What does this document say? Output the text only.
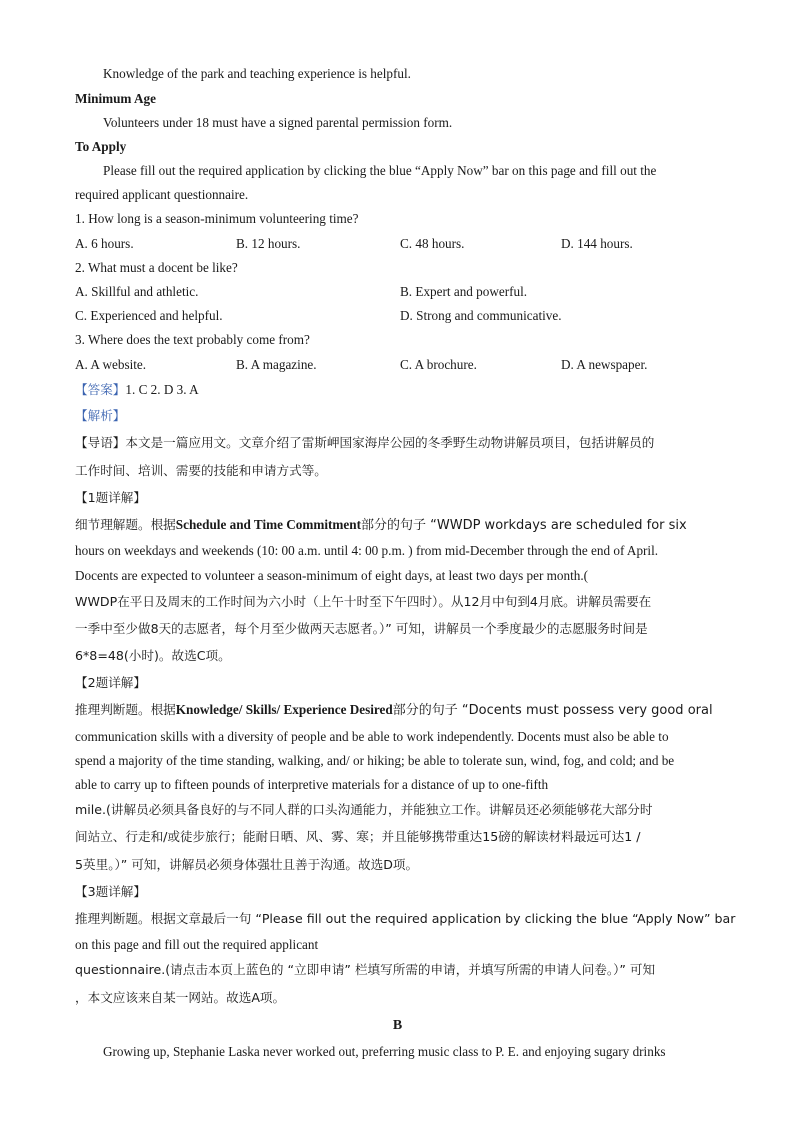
Knowledge of the park and teaching experience is helpful.
Minimum Age
Volunteers under 18 must have a signed parental permission form.
To Apply
Please fill out the required application by clicking the blue “Apply Now” bar on this page and fill out the
required applicant questionnaire.
1. How long is a season-minimum volunteering time?
A. 6 hours.	B. 12 hours.	C. 48 hours.	D. 144 hours.
2. What must a docent be like?
A. Skillful and athletic.	B. Expert and powerful.
C. Experienced and helpful.	D. Strong and communicative.
3. Where does the text probably come from?
A. A website.	B. A magazine.	C. A brochure.	D. A newspaper.
【答案】1. C 2. D 3. A
【解析】
【导语】本文是一篇应用文。文章介绍了雷斯岬国家海岸公园的冬季野生动物讲解员项目，包括讲解员的
工作时间、培训、需要的技能和申请方式等。
【1题详解】
细节理解题。根据Schedule and Time Commitment部分的句子 “WWDP workdays are scheduled for six
hours on weekdays and weekends (10: 00 a.m. until 4: 00 p.m. ) from mid-December through the end of April.
Docents are expected to volunteer a season-minimum of eight days, at least two days per month.(
WWDP在平日及周末的工作时间为六小时（上午十时至下午四时）。从12月中旬到4月底。讲解员需要在
一季中至少做8天的志愿者，每个月至少做两天志愿者。）” 可知，讲解员一个季度最少的志愿服务时间是
6*8=48(小时)。故选C项。
【2题详解】
推理判断题。根据Knowledge/ Skills/ Experience Desired部分的句子 “Docents must possess very good oral
communication skills with a diversity of people and be able to work independently. Docents must also be able to
spend a majority of the time standing, walking, and/ or hiking; be able to tolerate sun, wind, fog, and cold; and be
able to carry up to fifteen pounds of interpretive materials for a distance of up to one-fifth
mile.(讲解员必须具备良好的与不同人群的口头沟通能力，并能独立工作。讲解员还必须能够花大部分时
间站立、行走和/或徒步旅行；能耐日晒、风、雾、寒；并且能够携带重达15磅的解读材料最远可达1 /
5英里。）” 可知，讲解员必须身体强壮且善于沟通。故选D项。
【3题详解】
推理判断题。根据文章最后一句 “Please fill out the required application by clicking the blue “Apply Now” bar
on this page and fill out the required applicant
questionnaire.(请点击本页上蓝色的 “立即申请” 栏填写所需的申请，并填写所需的申请人问卷。）” 可知
，本文应该来自某一网站。故选A项。
B
Growing up, Stephanie Laska never worked out, preferring music class to P. E. and enjoying sugary drinks
